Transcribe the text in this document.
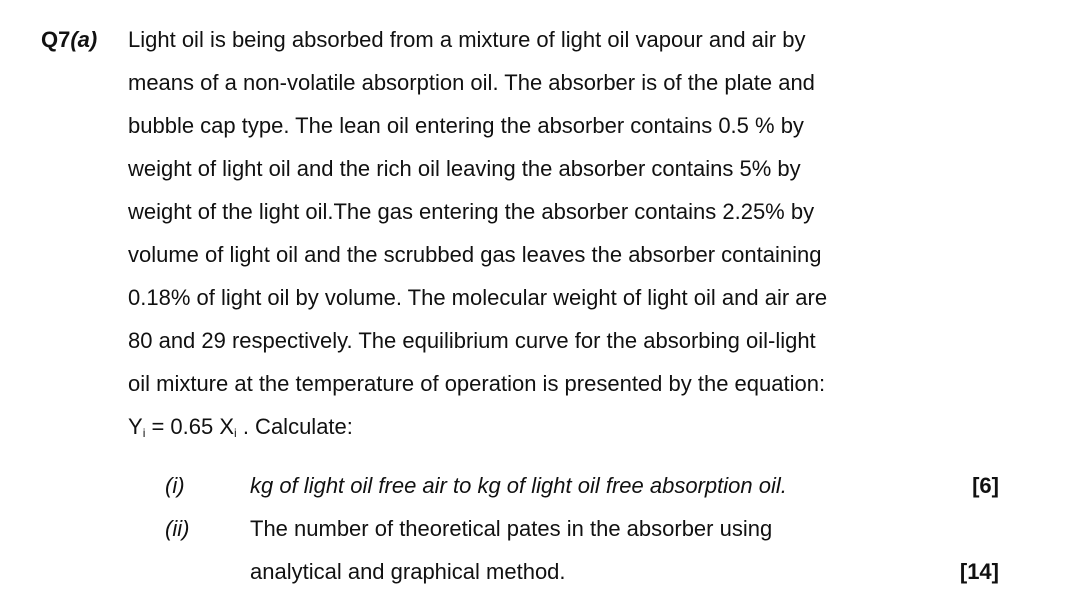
Q7(a) Light oil is being absorbed from a mixture of light oil vapour and air by
means of a non-volatile absorption oil. The absorber is of the plate and
bubble cap type. The lean oil entering the absorber contains 0.5 % by
weight of light oil and the rich oil leaving the absorber contains 5% by
weight of the light oil.The gas entering the absorber contains 2.25% by
volume of light oil and the scrubbed gas leaves the absorber containing
0.18% of light oil by volume. The molecular weight of light oil and air are
80 and 29 respectively. The equilibrium curve for the absorbing oil-light
oil mixture at the temperature of operation is presented by the equation:
$Y_i = 0.65$ $X_i$ . Calculate:
(i)	kg of light oil free air to kg of light oil free absorption oil.	[6]
(ii)	The number of theoretical pates in the absorber using
analytical and graphical method.	[14]
